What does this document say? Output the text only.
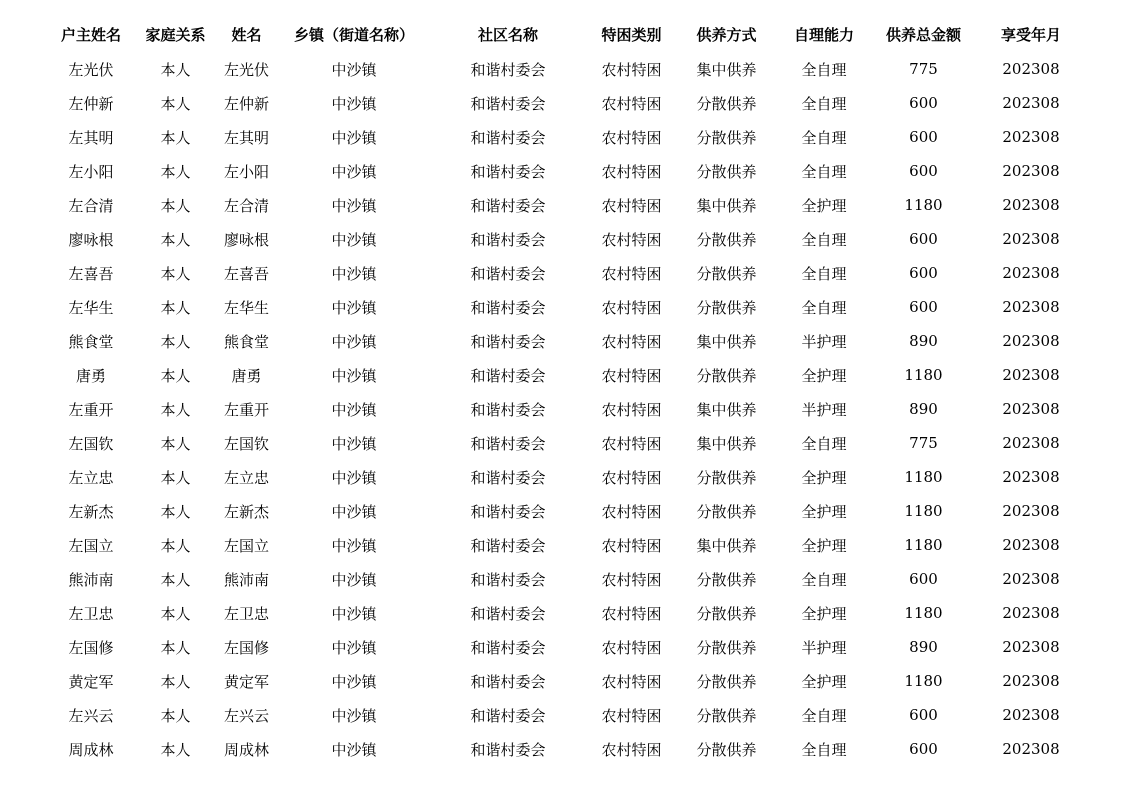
户主姓名	家庭关系	姓名	乡镇（街道名称）	社区名称	特困类别	供养方式	自理能力	供养总金额	享受年月
左光伏	本人	左光伏	中沙镇	和谐村委会	农村特困	集中供养	全自理	775	202308
左仲新	本人	左仲新	中沙镇	和谐村委会	农村特困	分散供养	全自理	600	202308
左其明	本人	左其明	中沙镇	和谐村委会	农村特困	分散供养	全自理	600	202308
左小阳	本人	左小阳	中沙镇	和谐村委会	农村特困	分散供养	全自理	600	202308
左合清	本人	左合清	中沙镇	和谐村委会	农村特困	集中供养	全护理	1180	202308
廖咏根	本人	廖咏根	中沙镇	和谐村委会	农村特困	分散供养	全自理	600	202308
左喜吾	本人	左喜吾	中沙镇	和谐村委会	农村特困	分散供养	全自理	600	202308
左华生	本人	左华生	中沙镇	和谐村委会	农村特困	分散供养	全自理	600	202308
熊食堂	本人	熊食堂	中沙镇	和谐村委会	农村特困	集中供养	半护理	890	202308
唐勇	本人	唐勇	中沙镇	和谐村委会	农村特困	分散供养	全护理	1180	202308
左重开	本人	左重开	中沙镇	和谐村委会	农村特困	集中供养	半护理	890	202308
左国钦	本人	左国钦	中沙镇	和谐村委会	农村特困	集中供养	全自理	775	202308
左立忠	本人	左立忠	中沙镇	和谐村委会	农村特困	分散供养	全护理	1180	202308
左新杰	本人	左新杰	中沙镇	和谐村委会	农村特困	分散供养	全护理	1180	202308
左国立	本人	左国立	中沙镇	和谐村委会	农村特困	集中供养	全护理	1180	202308
熊沛南	本人	熊沛南	中沙镇	和谐村委会	农村特困	分散供养	全自理	600	202308
左卫忠	本人	左卫忠	中沙镇	和谐村委会	农村特困	分散供养	全护理	1180	202308
左国修	本人	左国修	中沙镇	和谐村委会	农村特困	分散供养	半护理	890	202308
黄定军	本人	黄定军	中沙镇	和谐村委会	农村特困	分散供养	全护理	1180	202308
左兴云	本人	左兴云	中沙镇	和谐村委会	农村特困	分散供养	全自理	600	202308
周成林	本人	周成林	中沙镇	和谐村委会	农村特困	分散供养	全自理	600	202308
